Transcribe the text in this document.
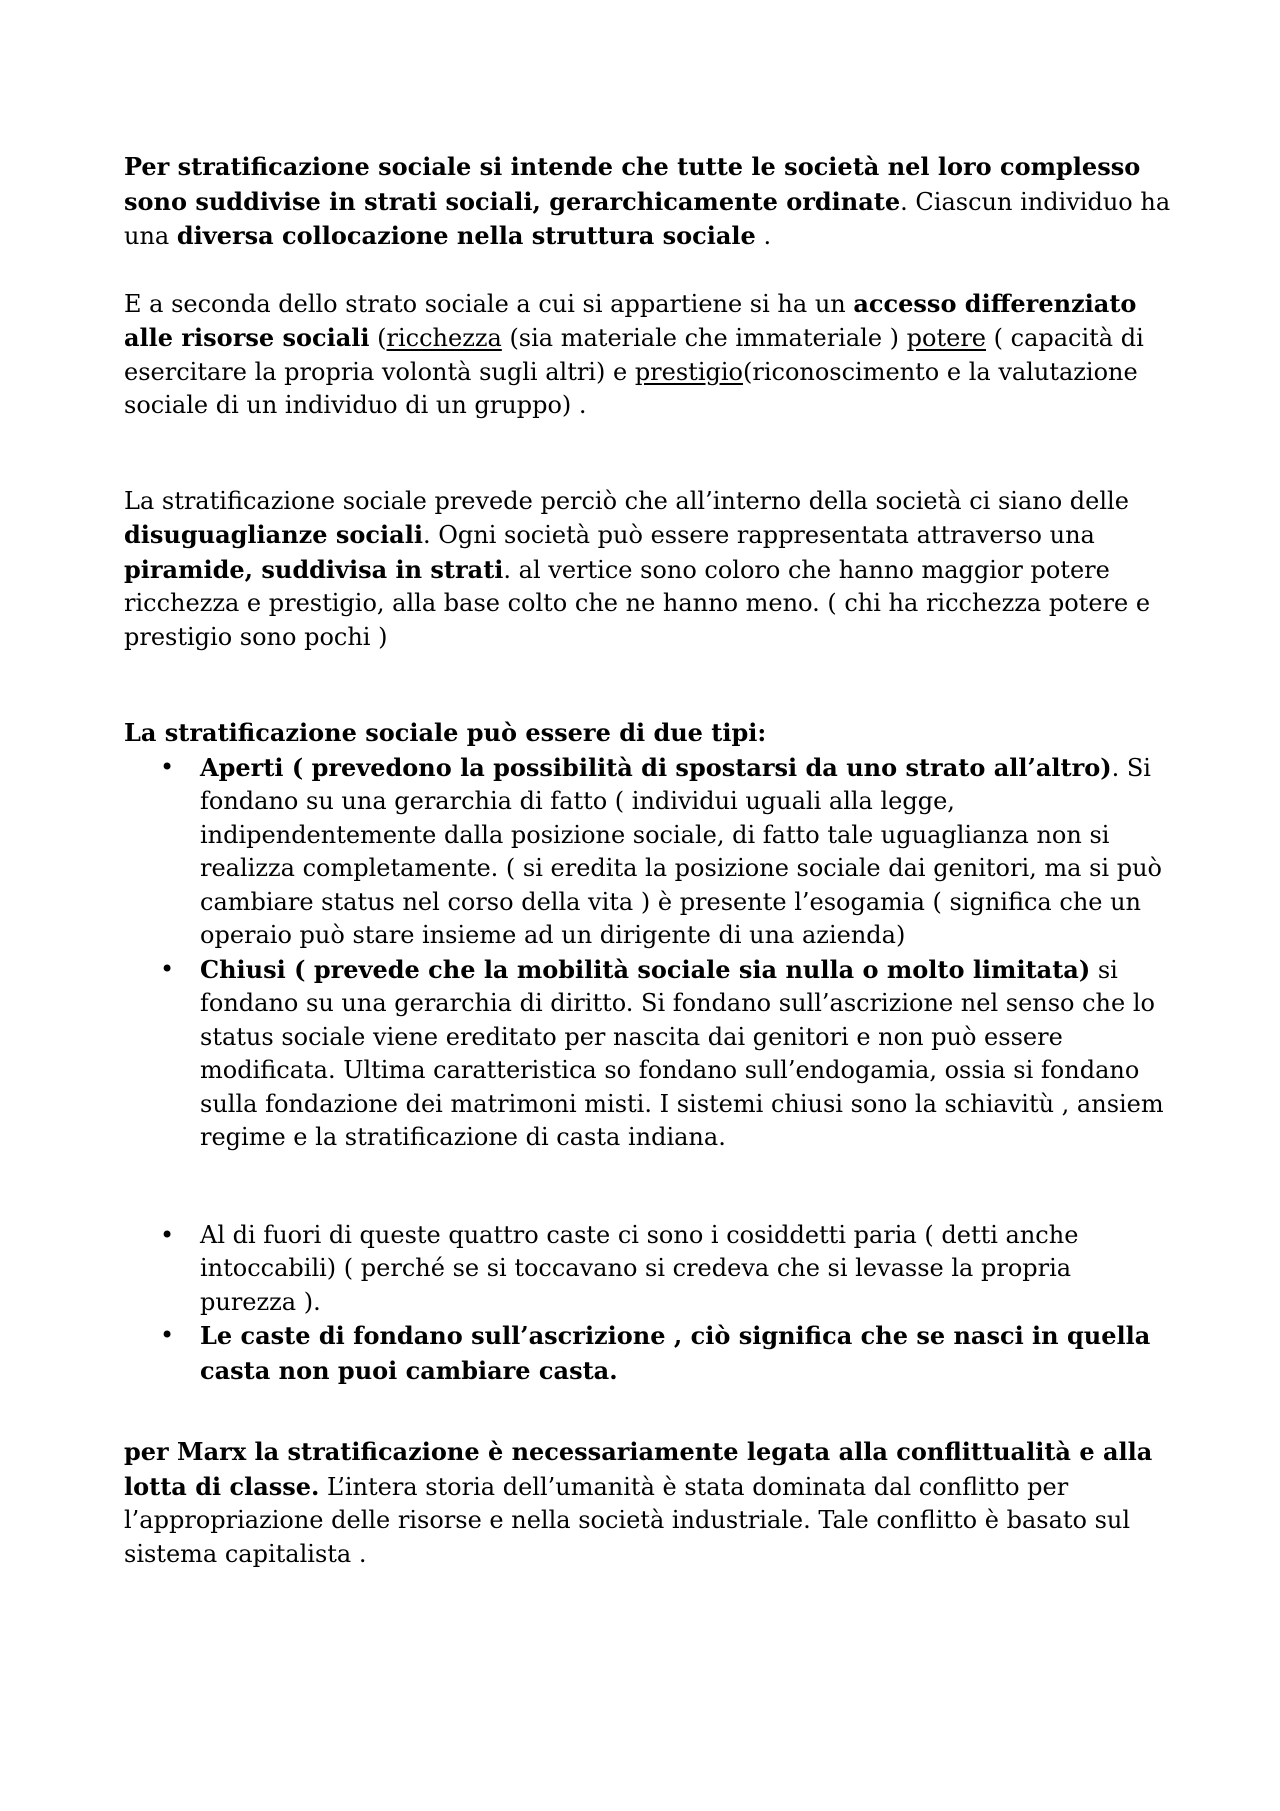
Per stratificazione sociale si intende che tutte le società nel loro complesso sono suddivise in strati sociali, gerarchicamente ordinate. Ciascun individuo ha una diversa collocazione nella struttura sociale .

E a seconda dello strato sociale a cui si appartiene si ha un accesso differenziato alle risorse sociali (ricchezza (sia materiale che immateriale ) potere ( capacità di esercitare la propria volontà sugli altri) e prestigio(riconoscimento e la valutazione sociale di un individuo di un gruppo) .

La stratificazione sociale prevede perciò che all’interno della società ci siano delle disuguaglianze sociali. Ogni società può essere rappresentata attraverso una piramide, suddivisa in strati. al vertice sono coloro che hanno maggior potere ricchezza e prestigio, alla base colto che ne hanno meno. ( chi ha ricchezza potere e prestigio sono pochi )

La stratificazione sociale può essere di due tipi:

• Aperti ( prevedono la possibilità di spostarsi da uno strato all’altro). Si fondano su una gerarchia di fatto ( individui uguali alla legge, indipendentemente dalla posizione sociale, di fatto tale uguaglianza non si realizza completamente. ( si eredita la posizione sociale dai genitori, ma si può cambiare status nel corso della vita ) è presente l’esogamia ( significa che un operaio può stare insieme ad un dirigente di una azienda)
• Chiusi ( prevede che la mobilità sociale sia nulla o molto limitata) si fondano su una gerarchia di diritto. Si fondano sull’ascrizione nel senso che lo status sociale viene ereditato per nascita dai genitori e non può essere modificata. Ultima caratteristica so fondano sull’endogamia, ossia si fondano sulla fondazione dei matrimoni misti. I sistemi chiusi sono la schiavitù , ansiem regime e la stratificazione di casta indiana.
• Al di fuori di queste quattro caste ci sono i cosiddetti paria ( detti anche intoccabili) ( perché se si toccavano si credeva che si levasse la propria purezza ).
• Le caste di fondano sull’ascrizione , ciò significa che se nasci in quella casta non puoi cambiare casta.

per Marx la stratificazione è necessariamente legata alla conflittualità e alla lotta di classe. L’intera storia dell’umanità è stata dominata dal conflitto per l’appropriazione delle risorse e nella società industriale. Tale conflitto è basato sul sistema capitalista .
